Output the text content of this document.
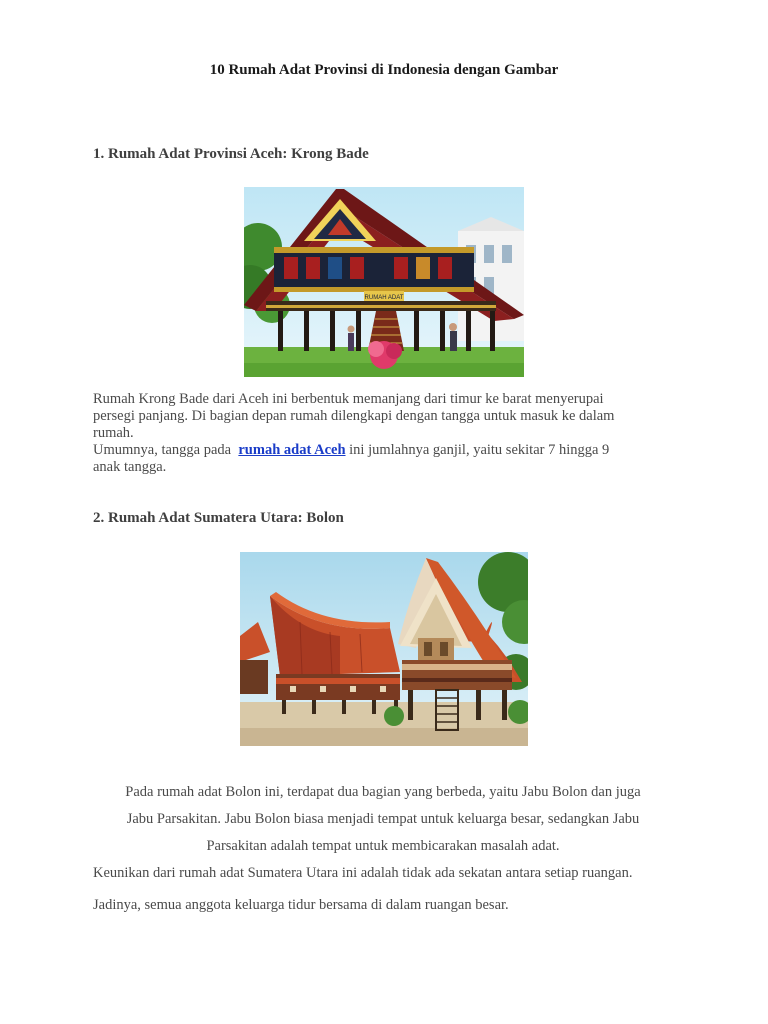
10 Rumah Adat Provinsi di Indonesia dengan Gambar
1. Rumah Adat Provinsi Aceh: Krong Bade
RUMAH ADAT
Rumah Krong Bade dari Aceh ini berbentuk memanjang dari timur ke barat menyerupai
persegi panjang. Di bagian depan rumah dilengkapi dengan tangga untuk masuk ke dalam
rumah.
Umumnya, tangga pada  rumah adat Aceh ini jumlahnya ganjil, yaitu sekitar 7 hingga 9
anak tangga.
2. Rumah Adat Sumatera Utara: Bolon
Pada rumah adat Bolon ini, terdapat dua bagian yang berbeda, yaitu Jabu Bolon dan juga
Jabu Parsakitan. Jabu Bolon biasa menjadi tempat untuk keluarga besar, sedangkan Jabu
Parsakitan adalah tempat untuk membicarakan masalah adat.

Keunikan dari rumah adat Sumatera Utara ini adalah tidak ada sekatan antara setiap ruangan.

Jadinya, semua anggota keluarga tidur bersama di dalam ruangan besar.
